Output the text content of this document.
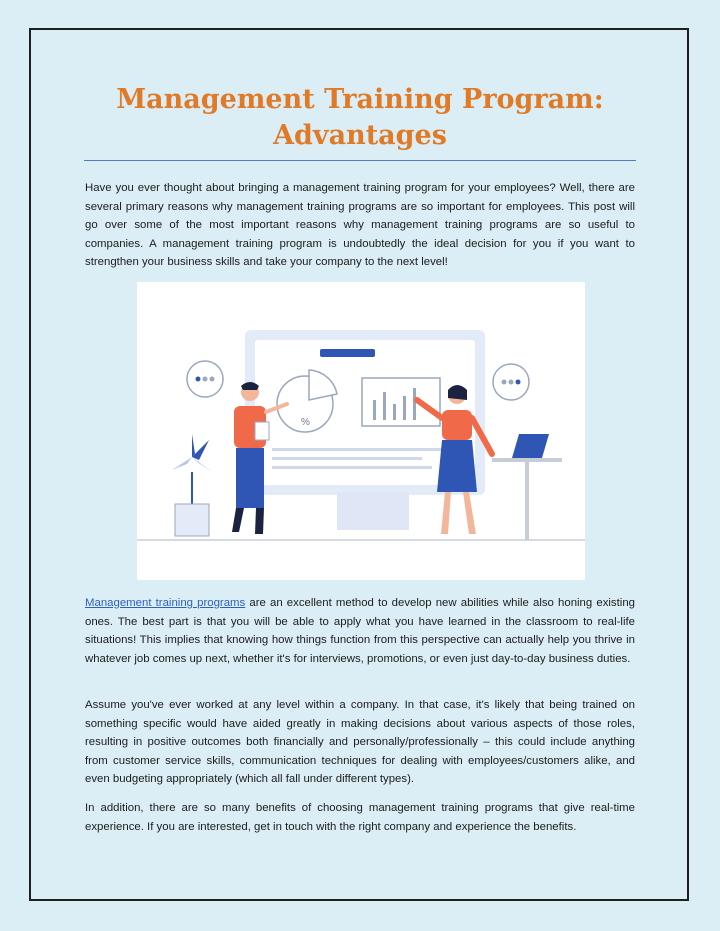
Management Training Program:
Advantages

Have you ever thought about bringing a management training program for your employees? Well, there are several primary reasons why management training programs are so important for employees. This post will go over some of the most important reasons why management training programs are so useful to companies. A management training program is undoubtedly the ideal decision for you if you want to strengthen your business skills and take your company to the next level!

%

Management training programs are an excellent method to develop new abilities while also honing existing ones. The best part is that you will be able to apply what you have learned in the classroom to real-life situations! This implies that knowing how things function from this perspective can actually help you thrive in whatever job comes up next, whether it's for interviews, promotions, or even just day-to-day business duties.

Assume you've ever worked at any level within a company. In that case, it's likely that being trained on something specific would have aided greatly in making decisions about various aspects of those roles, resulting in positive outcomes both financially and personally/professionally – this could include anything from customer service skills, communication techniques for dealing with employees/customers alike, and even budgeting appropriately (which all fall under different types).

In addition, there are so many benefits of choosing management training programs that give real-time experience. If you are interested, get in touch with the right company and experience the benefits.
